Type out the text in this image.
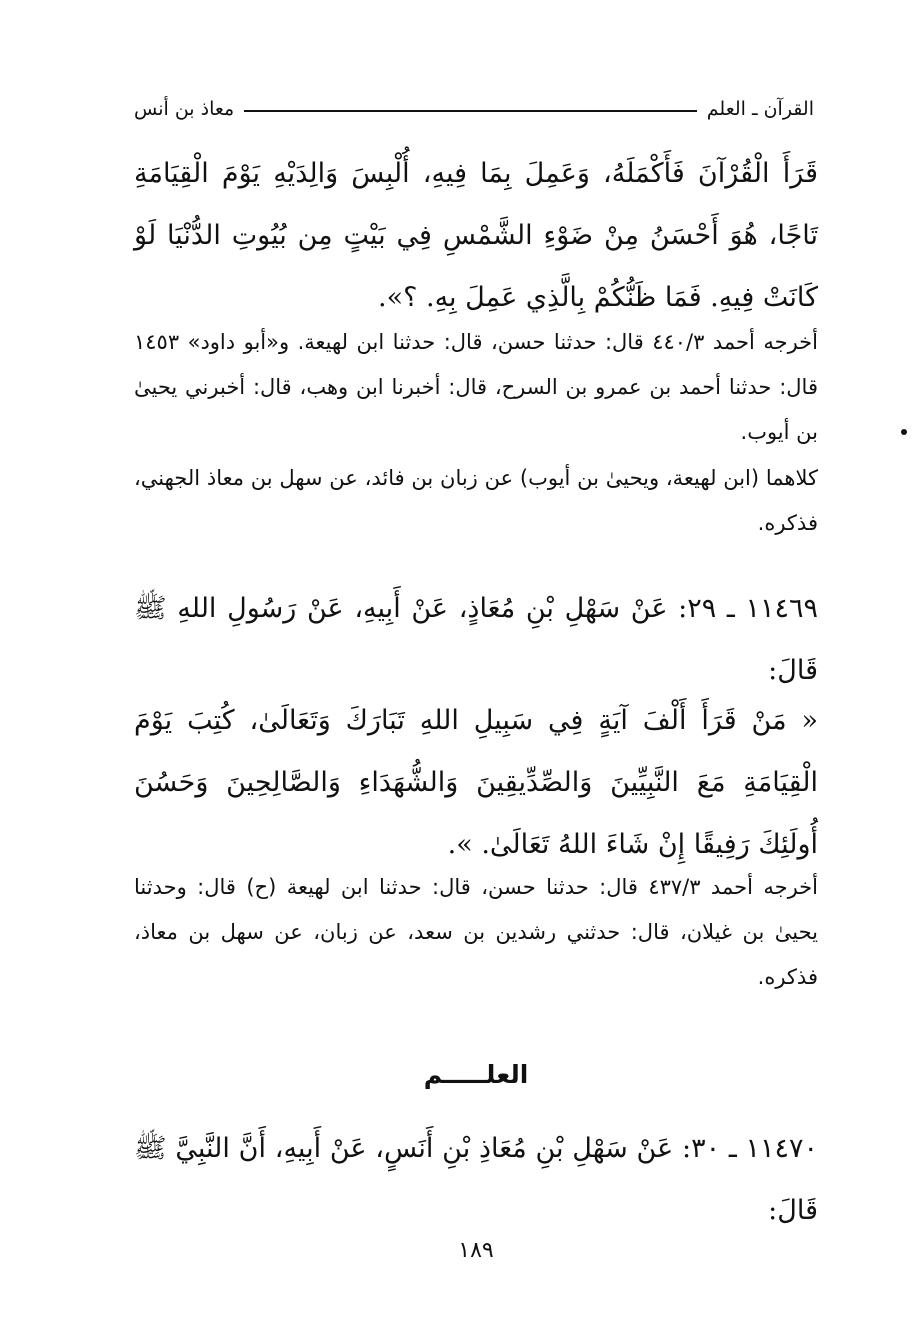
القرآن ـ العلم
معاذ بن أنس
قَرَأَ الْقُرْآنَ فَأَكْمَلَهُ، وَعَمِلَ بِمَا فِيهِ، أُلْبِسَ وَالِدَيْهِ يَوْمَ الْقِيَامَةِ تَاجًا، هُوَ أَحْسَنُ مِنْ ضَوْءِ الشَّمْسِ فِي بَيْتٍ مِن بُيُوتِ الدُّنْيَا لَوْ كَانَتْ فِيهِ. فَمَا ظَنُّكُمْ بِالَّذِي عَمِلَ بِهِ. ؟».
أخرجه أحمد ٤٤٠/٣ قال: حدثنا حسن، قال: حدثنا ابن لهيعة. و«أبو داود» ١٤٥٣ قال: حدثنا أحمد بن عمرو بن السرح، قال: أخبرنا ابن وهب، قال: أخبرني يحيىٰ بن أيوب.
كلاهما (ابن لهيعة، ويحيىٰ بن أيوب) عن زبان بن فائد، عن سهل بن معاذ الجهني، فذكره.
١١٤٦٩ ـ ٢٩: عَنْ سَهْلِ بْنِ مُعَاذٍ، عَنْ أَبِيهِ، عَنْ رَسُولِ اللهِ ﷺ قَالَ:
« مَنْ قَرَأَ أَلْفَ آيَةٍ فِي سَبِيلِ اللهِ تَبَارَكَ وَتَعَالَىٰ، كُتِبَ يَوْمَ الْقِيَامَةِ مَعَ النَّبِيِّينَ وَالصِّدِّيقِينَ وَالشُّهَدَاءِ وَالصَّالِحِينَ وَحَسُنَ أُولَئِكَ رَفِيقًا إِنْ شَاءَ اللهُ تَعَالَىٰ. ».
أخرجه أحمد ٤٣٧/٣ قال: حدثنا حسن، قال: حدثنا ابن لهيعة (ح) قال: وحدثنا يحيىٰ بن غيلان، قال: حدثني رشدين بن سعد، عن زبان، عن سهل بن معاذ، فذكره.
العلـــــم
١١٤٧٠ ـ ٣٠: عَنْ سَهْلِ بْنِ مُعَاذِ بْنِ أَنَسٍ، عَنْ أَبِيهِ، أَنَّ النَّبِيَّ ﷺ قَالَ:
١٨٩
